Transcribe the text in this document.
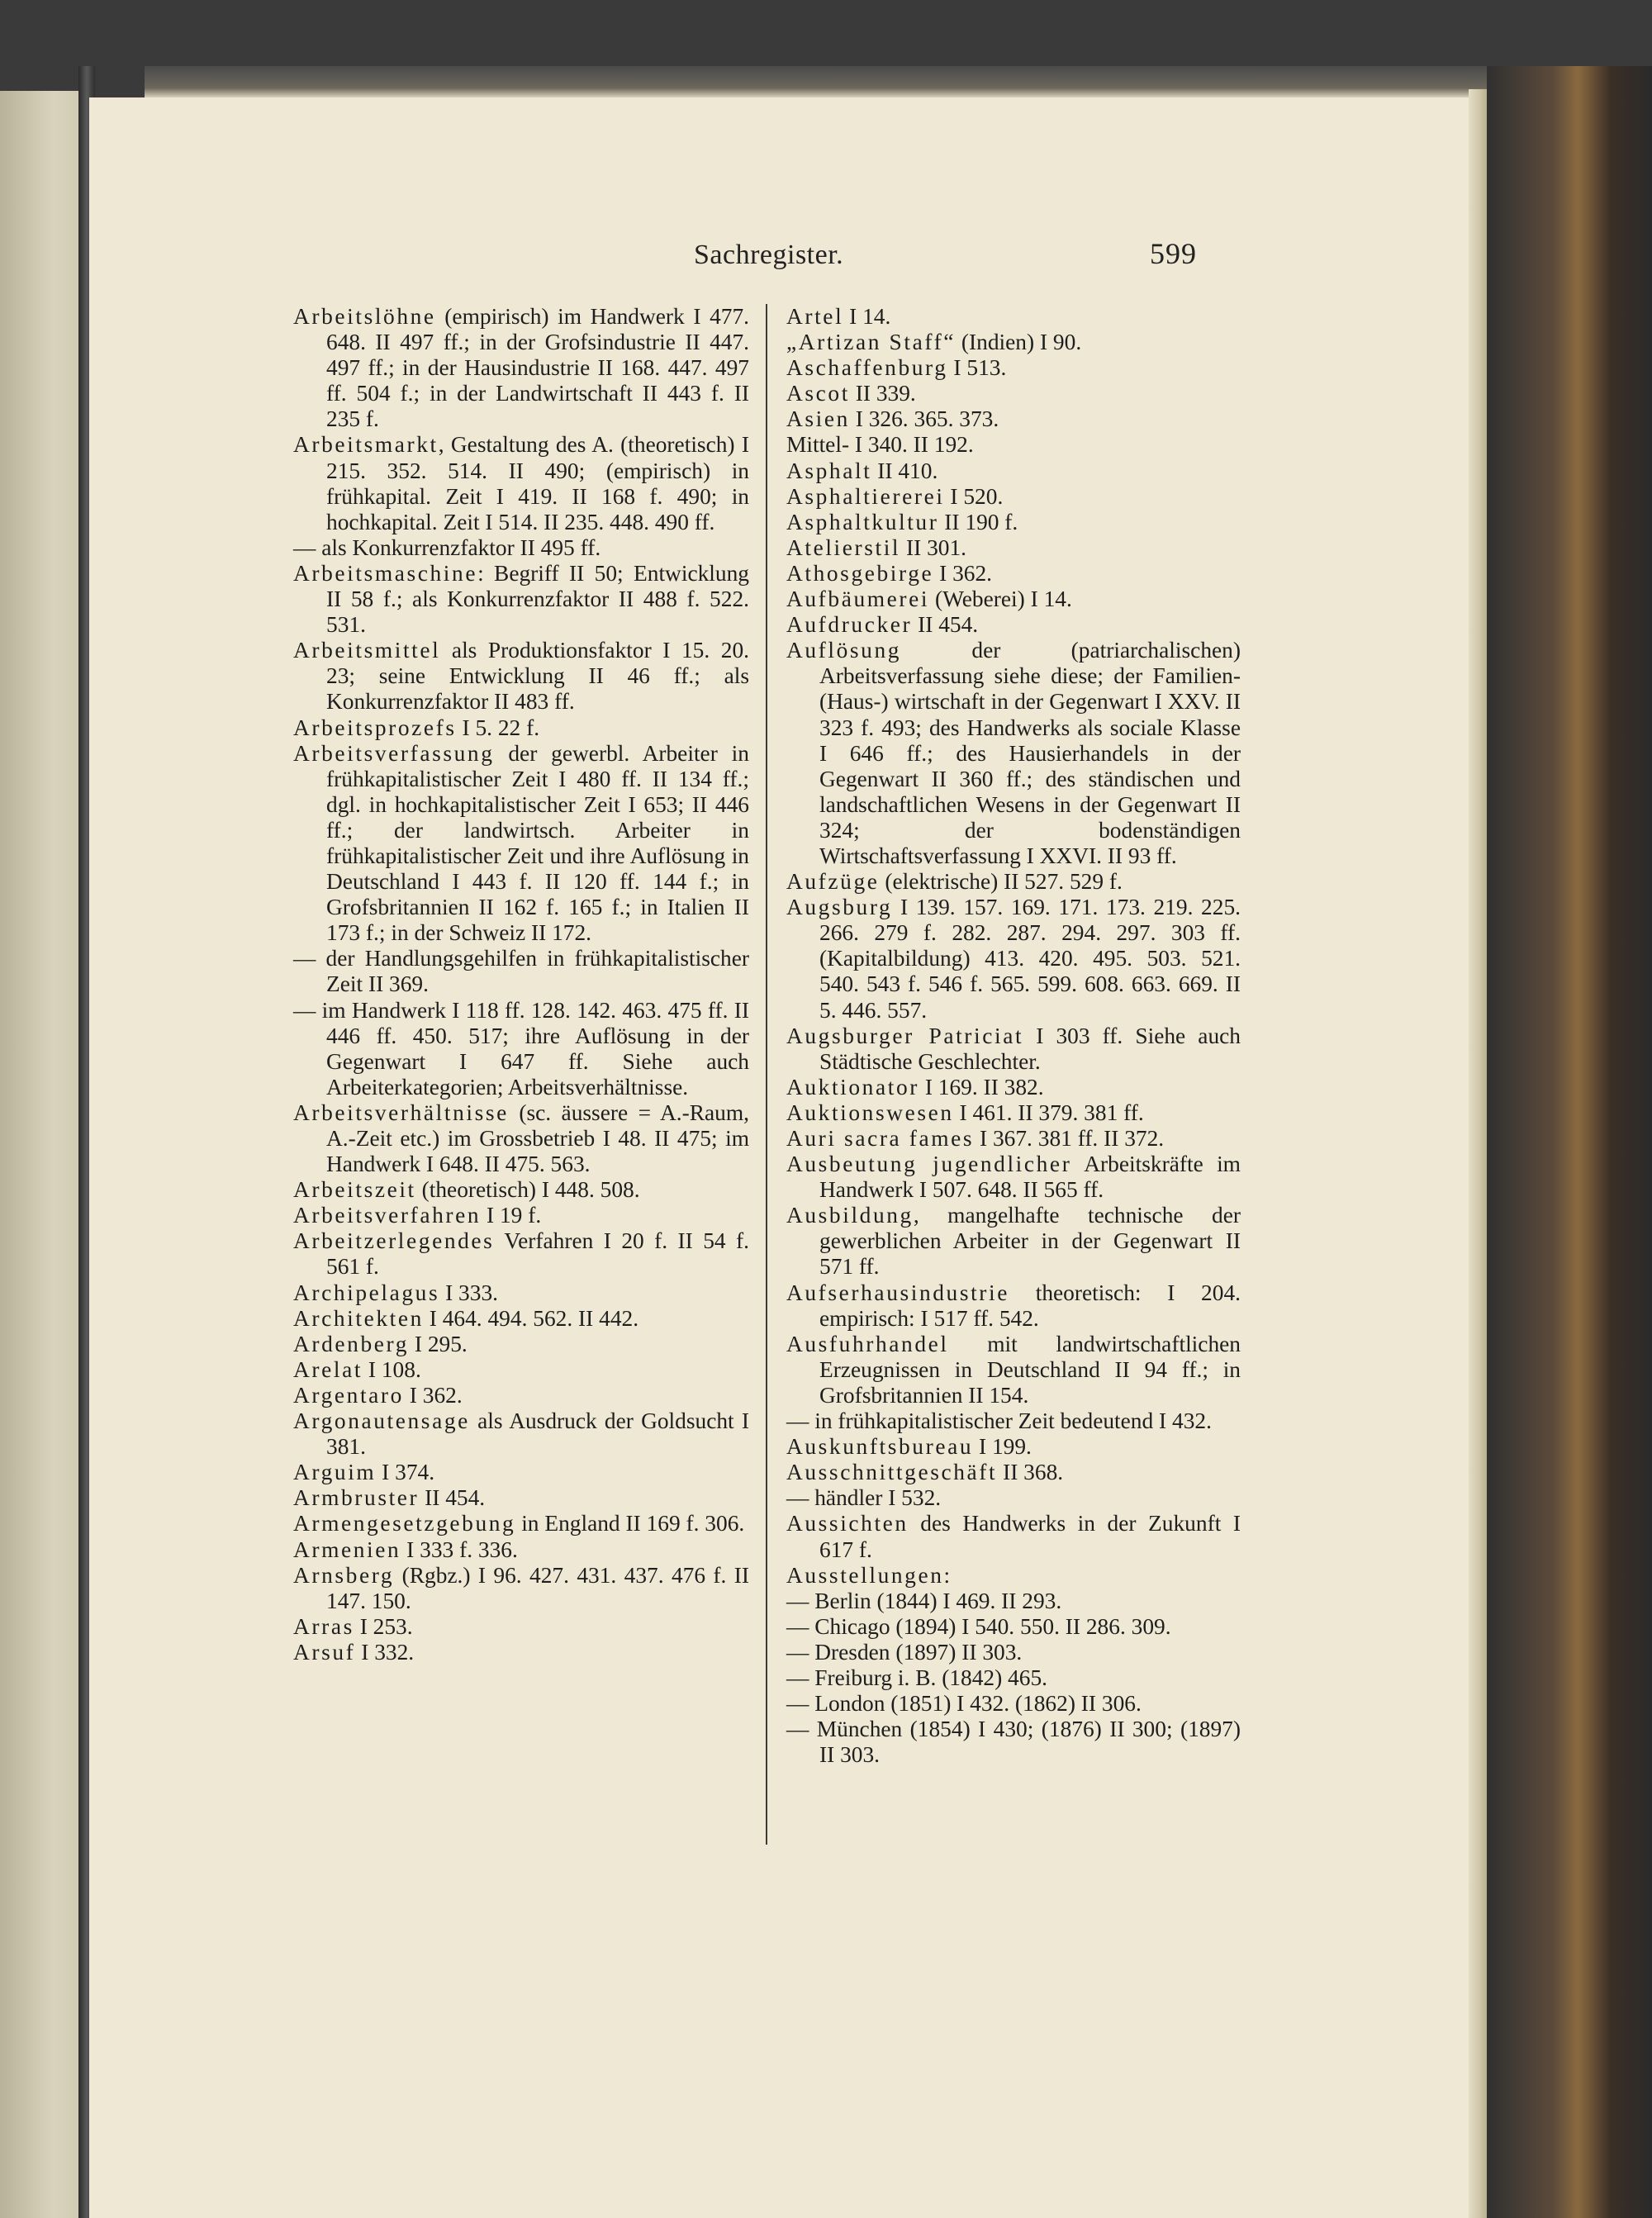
Sachregister.	599

Arbeitslöhne (empirisch) im Handwerk I 477. 648. II 497 ff.; in der Grofsindustrie II 447. 497 ff.; in der Hausindustrie II 168. 447. 497 ff. 504 f.; in der Landwirtschaft II 443 f. II 235 f.

Arbeitsmarkt, Gestaltung des A. (theoretisch) I 215. 352. 514. II 490; (empirisch) in frühkapital. Zeit I 419. II 168 f. 490; in hochkapital. Zeit I 514. II 235. 448. 490 ff.

— als Konkurrenzfaktor II 495 ff.

Arbeitsmaschine: Begriff II 50; Entwicklung II 58 f.; als Konkurrenzfaktor II 488 f. 522. 531.

Arbeitsmittel als Produktionsfaktor I 15. 20. 23; seine Entwicklung II 46 ff.; als Konkurrenzfaktor II 483 ff.

Arbeitsprozefs I 5. 22 f.

Arbeitsverfassung der gewerbl. Arbeiter in frühkapitalistischer Zeit I 480 ff. II 134 ff.; dgl. in hochkapitalistischer Zeit I 653; II 446 ff.; der landwirtsch. Arbeiter in frühkapitalistischer Zeit und ihre Auflösung in Deutschland I 443 f. II 120 ff. 144 f.; in Grofsbritannien II 162 f. 165 f.; in Italien II 173 f.; in der Schweiz II 172.

— der Handlungsgehilfen in frühkapitalistischer Zeit II 369.

— im Handwerk I 118 ff. 128. 142. 463. 475 ff. II 446 ff. 450. 517; ihre Auflösung in der Gegenwart I 647 ff. Siehe auch Arbeiterkategorien; Arbeitsverhältnisse.

Arbeitsverhältnisse (sc. äussere = A.-Raum, A.-Zeit etc.) im Grossbetrieb I 48. II 475; im Handwerk I 648. II 475. 563.

Arbeitszeit (theoretisch) I 448. 508.

Arbeitsverfahren I 19 f.

Arbeitzerlegendes Verfahren I 20 f. II 54 f. 561 f.

Archipelagus I 333.

Architekten I 464. 494. 562. II 442.

Ardenberg I 295.

Arelat I 108.

Argentaro I 362.

Argonautensage als Ausdruck der Goldsucht I 381.

Arguim I 374.

Armbruster II 454.

Armengesetzgebung in England II 169 f. 306.

Armenien I 333 f. 336.

Arnsberg (Rgbz.) I 96. 427. 431. 437. 476 f. II 147. 150.

Arras I 253.

Arsuf I 332.

Artel I 14.

„Artizan Staff“ (Indien) I 90.

Aschaffenburg I 513.

Ascot II 339.

Asien I 326. 365. 373.

Mittel- I 340. II 192.

Asphalt II 410.

Asphaltiererei I 520.

Asphaltkultur II 190 f.

Atelierstil II 301.

Athosgebirge I 362.

Aufbäumerei (Weberei) I 14.

Aufdrucker II 454.

Auflösung der (patriarchalischen) Arbeitsverfassung siehe diese; der Familien- (Haus-) wirtschaft in der Gegenwart I XXV. II 323 f. 493; des Handwerks als sociale Klasse I 646 ff.; des Hausierhandels in der Gegenwart II 360 ff.; des ständischen und landschaftlichen Wesens in der Gegenwart II 324; der bodenständigen Wirtschaftsverfassung I XXVI. II 93 ff.

Aufzüge (elektrische) II 527. 529 f.

Augsburg I 139. 157. 169. 171. 173. 219. 225. 266. 279 f. 282. 287. 294. 297. 303 ff. (Kapitalbildung) 413. 420. 495. 503. 521. 540. 543 f. 546 f. 565. 599. 608. 663. 669. II 5. 446. 557.

Augsburger Patriciat I 303 ff. Siehe auch Städtische Geschlechter.

Auktionator I 169. II 382.

Auktionswesen I 461. II 379. 381 ff.

Auri sacra fames I 367. 381 ff. II 372.

Ausbeutung jugendlicher Arbeitskräfte im Handwerk I 507. 648. II 565 ff.

Ausbildung, mangelhafte technische der gewerblichen Arbeiter in der Gegenwart II 571 ff.

Aufserhausindustrie theoretisch: I 204. empirisch: I 517 ff. 542.

Ausfuhrhandel mit landwirtschaftlichen Erzeugnissen in Deutschland II 94 ff.; in Grofsbritannien II 154.

— in frühkapitalistischer Zeit bedeutend I 432.

Auskunftsbureau I 199.

Ausschnittgeschäft II 368.

— händler I 532.

Aussichten des Handwerks in der Zukunft I 617 f.

Ausstellungen:

— Berlin (1844) I 469. II 293.

— Chicago (1894) I 540. 550. II 286. 309.

— Dresden (1897) II 303.

— Freiburg i. B. (1842) 465.

— London (1851) I 432. (1862) II 306.

— München (1854) I 430; (1876) II 300; (1897) II 303.
